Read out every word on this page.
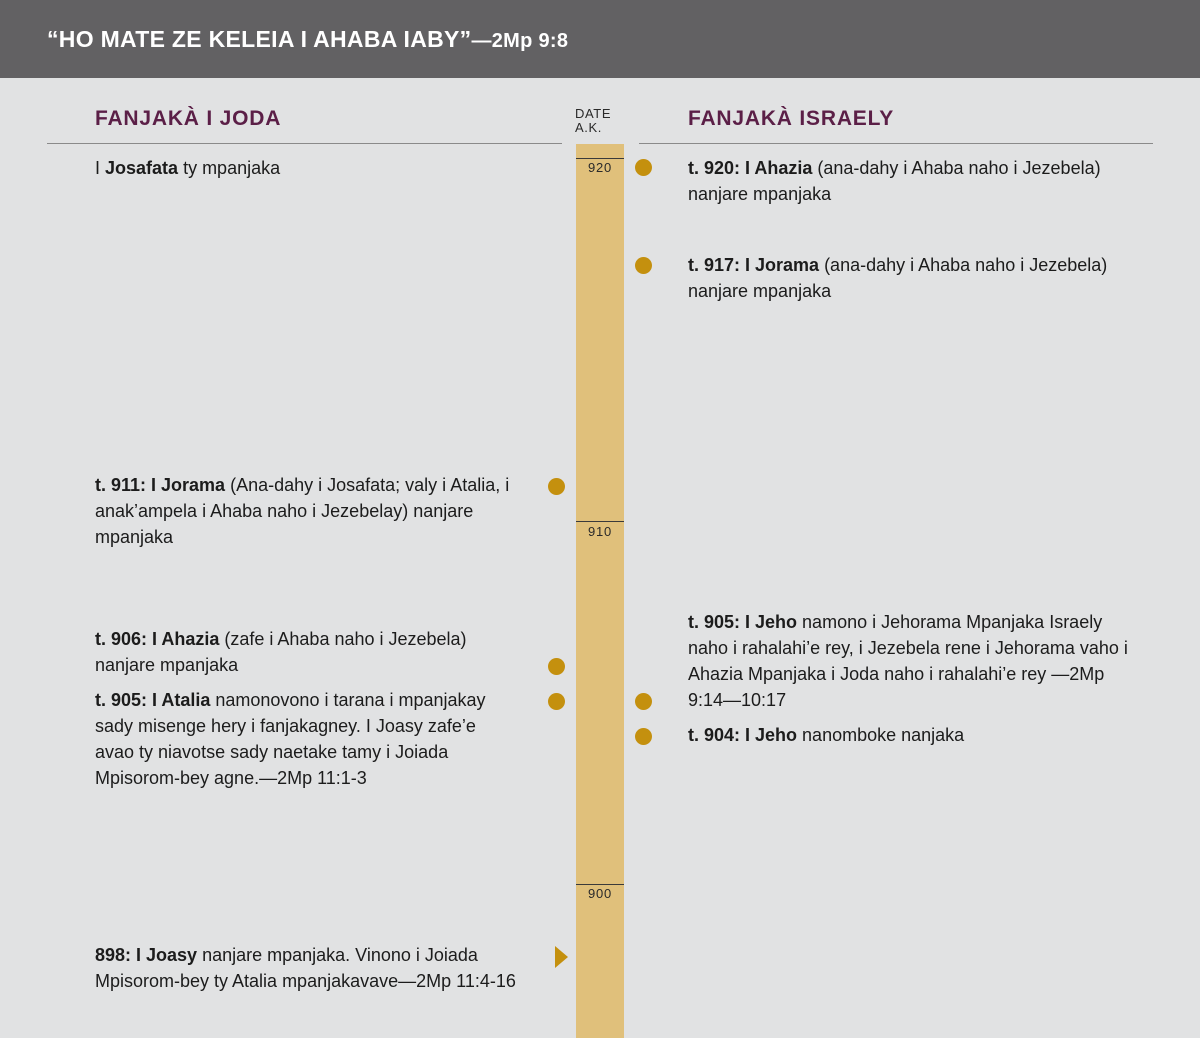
“HO MATE ZE KELEIA I AHABA IABY”—2Mp 9:8
FANJAKÀ I JODA	FANJAKÀ ISRAELY
DATE
A.K.
920
910
900
I Josafata ty mpanjaka
t. 911: I Jorama (Ana-dahy i Josafata; valy i Atalia, i anak’ampela i Ahaba naho i Jezebelay) nanjare mpanjaka
t. 906: I Ahazia (zafe i Ahaba naho i Jezebela) nanjare mpanjaka
t. 905: I Atalia namonovono i tarana i mpanjakay sady misenge hery i fanjakagney. I Joasy zafe’e avao ty niavotse sady naetake tamy i Joiada Mpisorom-bey agne.—2Mp 11:1-3
898: I Joasy nanjare mpanjaka. Vinono i Joiada Mpisorom-bey ty Atalia mpanjakavave—2Mp 11:4-16
t. 920: I Ahazia (ana-dahy i Ahaba naho i Jezebela) nanjare mpanjaka
t. 917: I Jorama (ana-dahy i Ahaba naho i Jezebela) nanjare mpanjaka
t. 905: I Jeho namono i Jehorama Mpanjaka Israely naho i rahalahi’e rey, i Jezebela rene i Jehorama vaho i Ahazia Mpanjaka i Joda naho i rahalahi’e rey —2Mp 9:14—10:17
t. 904: I Jeho nanomboke nanjaka
